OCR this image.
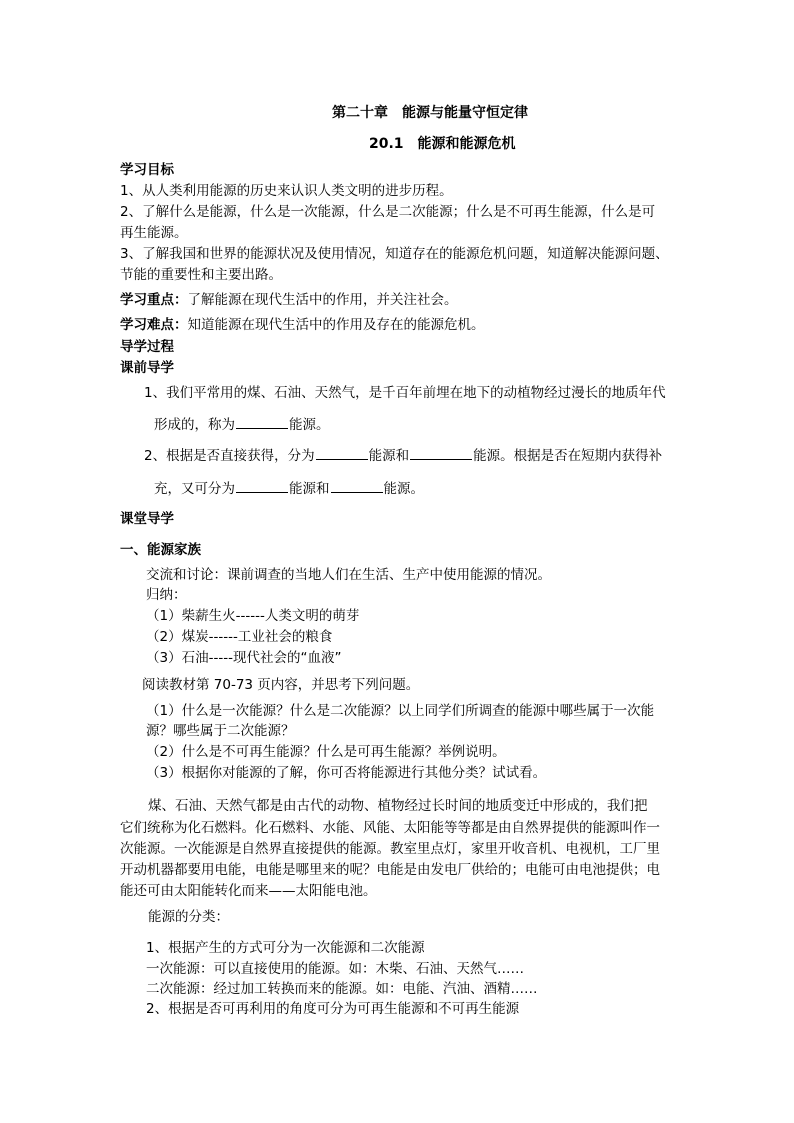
第二十章　能源与能量守恒定律
20.1　能源和能源危机
学习目标
1、从人类利用能源的历史来认识人类文明的进步历程。
2、了解什么是能源，什么是一次能源，什么是二次能源；什么是不可再生能源，什么是可
再生能源。
3、了解我国和世界的能源状况及使用情况，知道存在的能源危机问题，知道解决能源问题、
节能的重要性和主要出路。
学习重点：了解能源在现代生活中的作用，并关注社会。
学习难点：知道能源在现代生活中的作用及存在的能源危机。
导学过程
课前导学
1、我们平常用的煤、石油、天然气，是千百年前埋在地下的动植物经过漫长的地质年代
形成的，称为	能源。
2、根据是否直接获得，分为	能源和	能源。根据是否在短期内获得补
充，又可分为	能源和	能源。
课堂导学
一、能源家族
交流和讨论：课前调查的当地人们在生活、生产中使用能源的情况。
归纳：
（1）柴薪生火------人类文明的萌芽
（2）煤炭------工业社会的粮食
（3）石油-----现代社会的“血液”
阅读教材第 70-73 页内容，并思考下列问题。
（1）什么是一次能源？什么是二次能源？以上同学们所调查的能源中哪些属于一次能
源？哪些属于二次能源？
（2）什么是不可再生能源？什么是可再生能源？举例说明。
（3）根据你对能源的了解，你可否将能源进行其他分类？试试看。
煤、石油、天然气都是由古代的动物、植物经过长时间的地质变迁中形成的，我们把
它们统称为化石燃料。化石燃料、水能、风能、太阳能等等都是由自然界提供的能源叫作一
次能源。一次能源是自然界直接提供的能源。教室里点灯，家里开收音机、电视机，工厂里
开动机器都要用电能，电能是哪里来的呢？电能是由发电厂供给的；电能可由电池提供；电
能还可由太阳能转化而来——太阳能电池。
能源的分类：
1、根据产生的方式可分为一次能源和二次能源
一次能源：可以直接使用的能源。如：木柴、石油、天然气……
二次能源：经过加工转换而来的能源。如：电能、汽油、酒精……
2、根据是否可再利用的角度可分为可再生能源和不可再生能源
